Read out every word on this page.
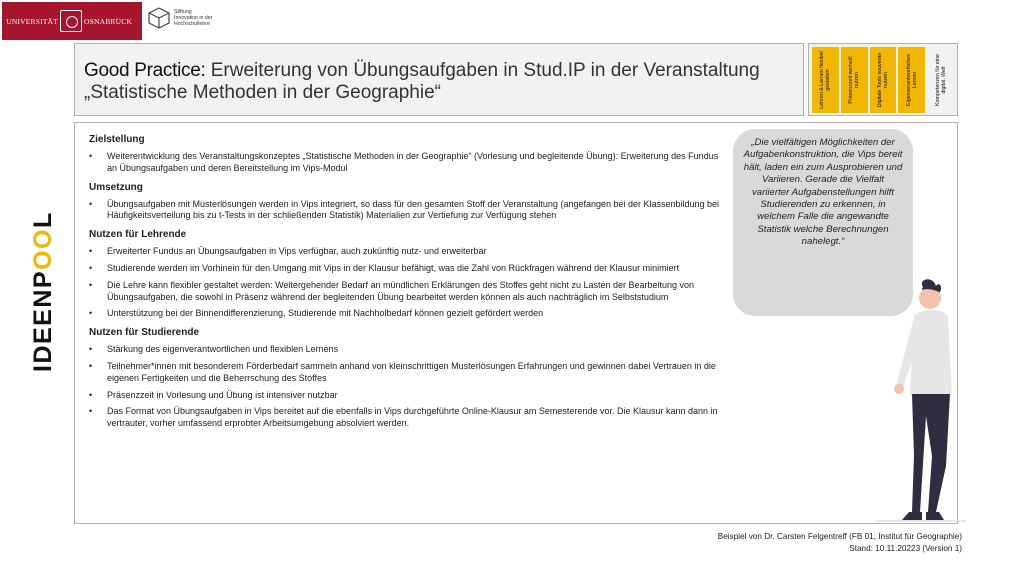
UNIVERSITÄT	OSNABRÜCK
Stiftung
Innovation in der
Hochschullehre
Good Practice: Erweiterung von Übungsaufgaben in Stud.IP in der Veranstaltung „Statistische Methoden in der Geographie“	Lehren & Lernen flexibel gestalten	Präsenzzeit wertvoll nutzen	Digitale Tools souverän nutzen	Eigenverantwortliches Lernen	Kompetenzen für eine digital. Welt
Zielstellung
• Weiterentwicklung des Veranstaltungskonzeptes „Statistische Methoden in der Geographie“ (Vorlesung und begleitende Übung): Erweiterung des Fundus an Übungsaufgaben und deren Bereitstellung im Vips-Modul
Umsetzung
• Übungsaufgaben mit Musterlösungen werden in Vips integriert, so dass für den gesamten Stoff der Veranstaltung (angefangen bei der Klassenbildung bei Häufigkeitsverteilung bis zu t-Tests in der schließenden Statistik) Materialien zur Vertiefung zur Verfügung stehen
Nutzen für Lehrende
• Erweiterter Fundus an Übungsaufgaben in Vips verfügbar, auch zukünftig nutz- und erweiterbar
• Studierende werden im Vorhinein für den Umgang mit Vips in der Klausur befähigt, was die Zahl von Rückfragen während der Klausur minimiert
• Die Lehre kann flexibler gestaltet werden: Weitergehender Bedarf an mündlichen Erklärungen des Stoffes geht nicht zu Lasten der Bearbeitung von Übungsaufgaben, die sowohl in Präsenz während der begleitenden Übung bearbeitet werden können als auch nachträglich im Selbststudium
• Unterstützung bei der Binnendifferenzierung, Studierende mit Nachholbedarf können gezielt gefördert werden
Nutzen für Studierende
• Stärkung des eigenverantwortlichen und flexiblen Lernens
• Teilnehmer*innen mit besonderem Förderbedarf sammeln anhand von kleinschrittigen Musterlösungen Erfahrungen und gewinnen dabei Vertrauen in die eigenen Fertigkeiten und die Beherrschung des Stoffes
• Präsenzzeit in Vorlesung und Übung ist intensiver nutzbar
• Das Format von Übungsaufgaben in Vips bereitet auf die ebenfalls in Vips durchgeführte Online-Klausur am Semesterende vor. Die Klausur kann dann in vertrauter, vorher umfassend erprobter Arbeitsumgebung absolviert werden.
„Die vielfältigen Möglichkeiten der Aufgabenkonstruktion, die Vips bereit hält, laden ein zum Ausprobieren und Variieren. Gerade die Vielfalt variierter Aufgabenstellungen hilft Studierenden zu erkennen, in welchem Falle die angewandte Statistik welche Berechnungen nahelegt.“
IDEENPOOL
Beispiel von Dr. Carsten Felgentreff (FB 01, Institut für Geographie)
Stand: 10.11.20223 (Version 1)
